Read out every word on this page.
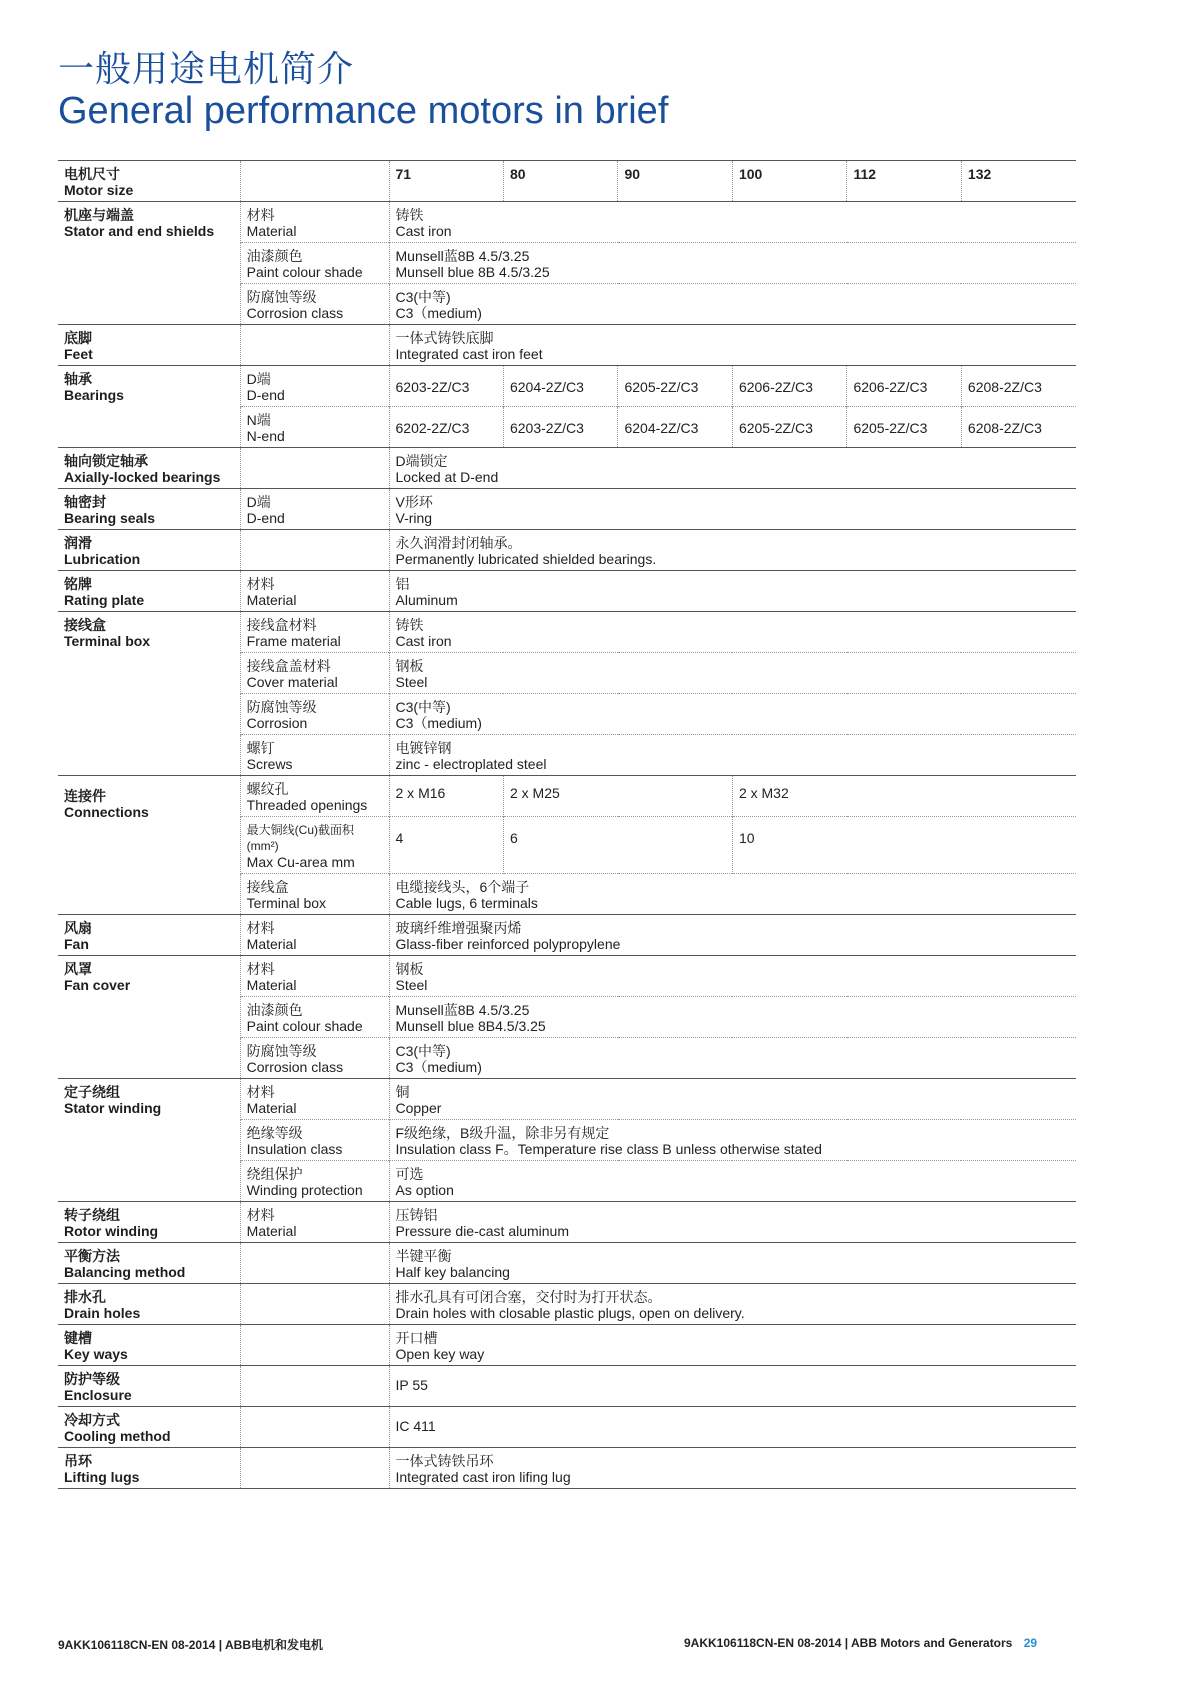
一般用途电机简介
General performance motors in brief
电机尺寸
Motor size		71	80	90	100	112	132

机座与端盖
Stator and end shields	材料
Material	铸铁
Cast iron					

	油漆颜色
Paint colour shade	Munsell蓝8B 4.5/3.25
Munsell blue 8B 4.5/3.25					

	防腐蚀等级
Corrosion class	C3(中等)
C3（medium)					

底脚
Feet		一体式铸铁底脚
Integrated cast iron feet					

轴承
Bearings	D端
D-end	6203-2Z/C3	6204-2Z/C3	6205-2Z/C3	6206-2Z/C3	6206-2Z/C3	6208-2Z/C3

	N端
N-end	6202-2Z/C3	6203-2Z/C3	6204-2Z/C3	6205-2Z/C3	6205-2Z/C3	6208-2Z/C3

轴向锁定轴承
Axially-locked bearings		D端锁定
Locked at D-end					

轴密封
Bearing seals	D端
D-end	V形环
V-ring					

润滑
Lubrication		永久润滑封闭轴承。
Permanently lubricated shielded bearings.					

铭牌
Rating plate	材料
Material	铝
Aluminum					

接线盒
Terminal box	接线盒材料
Frame material	铸铁
Cast iron					

	接线盒盖材料
Cover material	钢板
Steel					

	防腐蚀等级
Corrosion	C3(中等)
C3（medium)					

	螺钉
Screws	电镀锌钢
zinc - electroplated steel					

连接件
Connections	螺纹孔
Threaded openings	2 x M16	2 x M25		2 x M32		

	最大铜线(Cu)截面积(mm²)
Max Cu-area mm	4	6		10		

	接线盒
Terminal box	电缆接线头，6个端子
Cable lugs, 6 terminals					

风扇
Fan	材料
Material	玻璃纤维增强聚丙烯
Glass-fiber reinforced polypropylene					

风罩
Fan cover	材料
Material	钢板
Steel					

	油漆颜色
Paint colour shade	Munsell蓝8B 4.5/3.25
Munsell blue 8B4.5/3.25					

	防腐蚀等级
Corrosion class	C3(中等)
C3（medium)					

定子绕组
Stator winding	材料
Material	铜
Copper					

	绝缘等级
Insulation class	F级绝缘，B级升温，除非另有规定
Insulation class F。Temperature rise class B unless otherwise stated					

	绕组保护
Winding protection	可选
As option					

转子绕组
Rotor winding	材料
Material	压铸铝
Pressure die-cast aluminum					

平衡方法
Balancing method		半键平衡
Half key balancing					

排水孔
Drain holes		排水孔具有可闭合塞，交付时为打开状态。
Drain holes with closable plastic plugs, open on delivery.					

键槽
Key ways		开口槽
Open key way					

防护等级
Enclosure		IP 55					

冷却方式
Cooling method		IC 411					

吊环
Lifting lugs		一体式铸铁吊环
Integrated cast iron lifing lug					
9AKK106118CN-EN 08-2014 | ABB电机和发电机	9AKK106118CN-EN 08-2014 | ABB Motors and Generators 29
